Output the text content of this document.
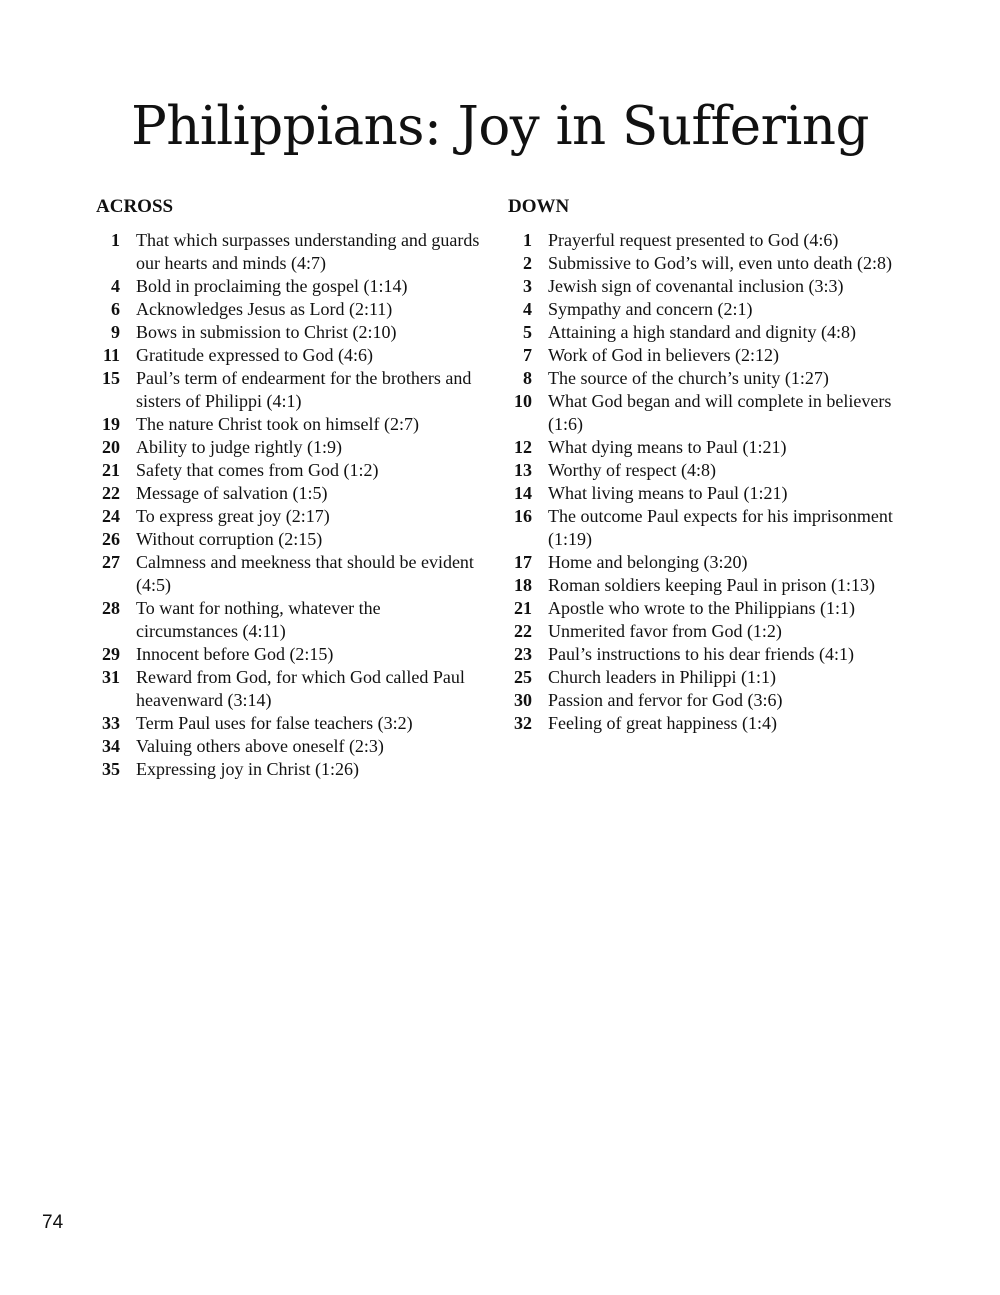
Philippians: Joy in Suffering
ACROSS
1 That which surpasses understanding and guards our hearts and minds (4:7)
4 Bold in proclaiming the gospel (1:14)
6 Acknowledges Jesus as Lord (2:11)
9 Bows in submission to Christ (2:10)
11 Gratitude expressed to God (4:6)
15 Paul’s term of endearment for the brothers and sisters of Philippi (4:1)
19 The nature Christ took on himself (2:7)
20 Ability to judge rightly (1:9)
21 Safety that comes from God (1:2)
22 Message of salvation (1:5)
24 To express great joy (2:17)
26 Without corruption (2:15)
27 Calmness and meekness that should be evident (4:5)
28 To want for nothing, whatever the circumstances (4:11)
29 Innocent before God (2:15)
31 Reward from God, for which God called Paul heavenward (3:14)
33 Term Paul uses for false teachers (3:2)
34 Valuing others above oneself (2:3)
35 Expressing joy in Christ (1:26)
DOWN
1 Prayerful request presented to God (4:6)
2 Submissive to God’s will, even unto death (2:8)
3 Jewish sign of covenantal inclusion (3:3)
4 Sympathy and concern (2:1)
5 Attaining a high standard and dignity (4:8)
7 Work of God in believers (2:12)
8 The source of the church’s unity (1:27)
10 What God began and will complete in believers (1:6)
12 What dying means to Paul (1:21)
13 Worthy of respect (4:8)
14 What living means to Paul (1:21)
16 The outcome Paul expects for his imprisonment (1:19)
17 Home and belonging (3:20)
18 Roman soldiers keeping Paul in prison (1:13)
21 Apostle who wrote to the Philippians (1:1)
22 Unmerited favor from God (1:2)
23 Paul’s instructions to his dear friends (4:1)
25 Church leaders in Philippi (1:1)
30 Passion and fervor for God (3:6)
32 Feeling of great happiness (1:4)
74
